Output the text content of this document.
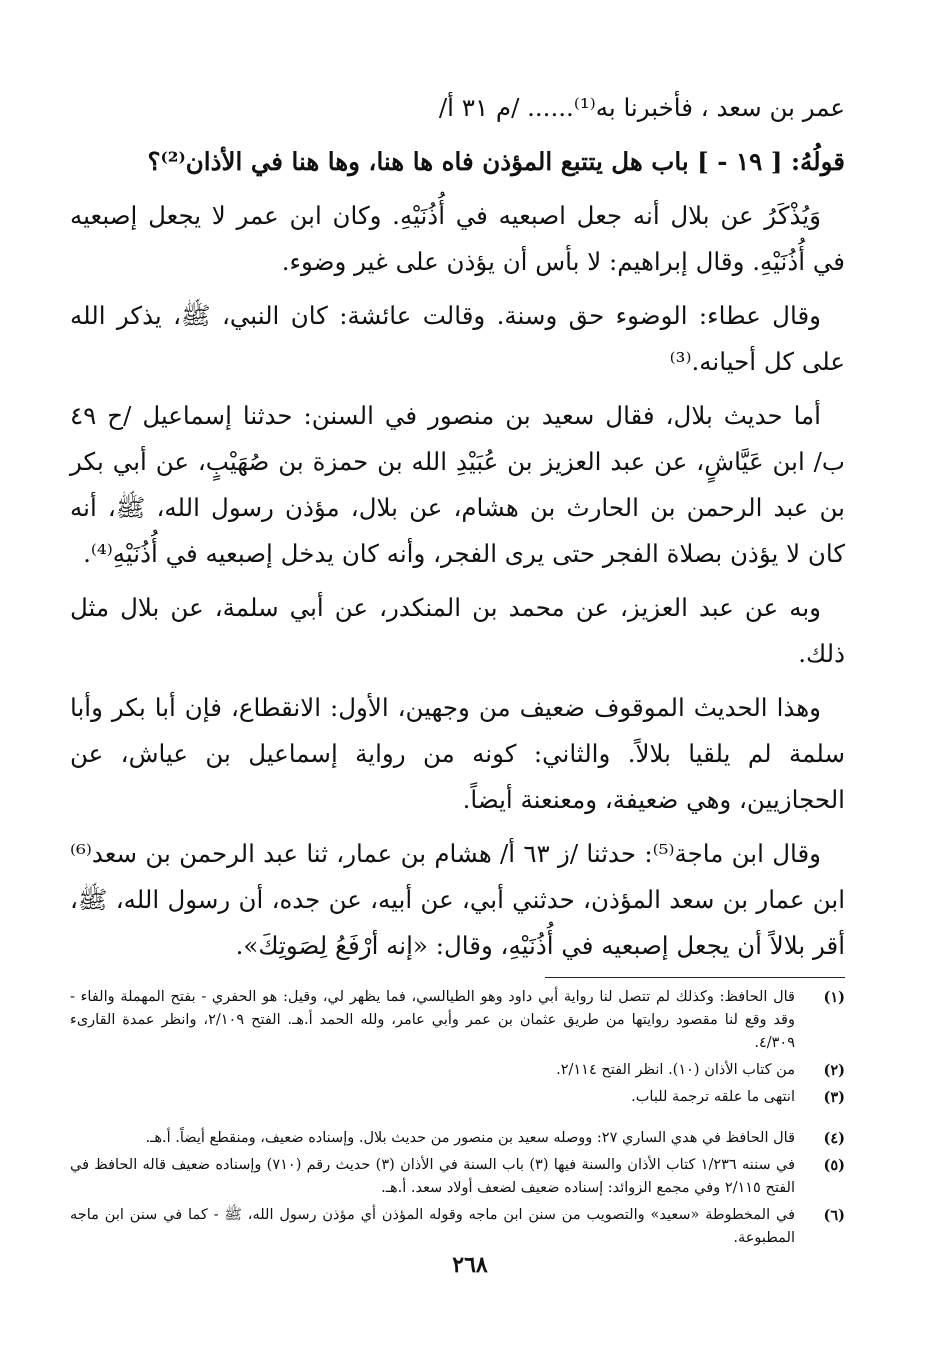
عمر بن سعد ، فأخبرنا به⁽¹⁾...... /م ٣١ أ/

قولُهُ: [ ١٩ - ] باب هل يتتبع المؤذن فاه ها هنا، وها هنا في الأذان⁽²⁾؟

وَيُذْكَرُ عن بلال أنه جعل اصبعيه في أُذُنَيْهِ. وكان ابن عمر لا يجعل إصبعيه في أُذُنَيْهِ. وقال إبراهيم: لا بأس أن يؤذن على غير وضوء.

وقال عطاء: الوضوء حق وسنة. وقالت عائشة: كان النبي، ﷺ، يذكر الله على كل أحيانه.⁽³⁾

أما حديث بلال، فقال سعيد بن منصور في السنن: حدثنا إسماعيل /ح ٤٩ ب/ ابن عَيَّاشٍ، عن عبد العزيز بن عُبَيْدِ الله بن حمزة بن صُهَيْبٍ، عن أبي بكر بن عبد الرحمن بن الحارث بن هشام، عن بلال، مؤذن رسول الله، ﷺ، أنه كان لا يؤذن بصلاة الفجر حتى يرى الفجر، وأنه كان يدخل إصبعيه في أُذُنَيْهِ⁽⁴⁾.

وبه عن عبد العزيز، عن محمد بن المنكدر، عن أبي سلمة، عن بلال مثل ذلك.

وهذا الحديث الموقوف ضعيف من وجهين، الأول: الانقطاع، فإن أبا بكر وأبا سلمة لم يلقيا بلالاً. والثاني: كونه من رواية إسماعيل بن عياش، عن الحجازيين، وهي ضعيفة، ومعنعنة أيضاً.

وقال ابن ماجة⁽⁵⁾: حدثنا /ز ٦٣ أ/ هشام بن عمار، ثنا عبد الرحمن بن سعد⁽⁶⁾ ابن عمار بن سعد المؤذن، حدثني أبي، عن أبيه، عن جده، أن رسول الله، ﷺ، أقر بلالاً أن يجعل إصبعيه في أُذُنَيْهِ، وقال: «إنه أرْفَعُ لِصَوتِكَ».

(١)
قال الحافظ: وكذلك لم تتصل لنا رواية أبي داود وهو الطيالسي، فما يظهر لي، وقيل: هو الحفري - بفتح المهملة والفاء - وقد وقع لنا مقصود روايتها من طريق عثمان بن عمر وأبي عامر، ولله الحمد أ.هـ. الفتح ٢/١٠٩، وانظر عمدة القارىء ٤/٣٠٩.
(٢)
من كتاب الأذان (١٠). انظر الفتح ٢/١١٤.
(٣)
انتهى ما علقه ترجمة للباب.
(٤)
قال الحافظ في هدي الساري ٢٧: ووصله سعيد بن منصور من حديث بلال. وإسناده ضعيف، ومنقطع أيضاً. أ.هـ.
(٥)
في سننه ١/٢٣٦ كتاب الأذان والسنة فيها (٣) باب السنة في الأذان (٣) حديث رقم (٧١٠) وإسناده ضعيف قاله الحافظ في الفتح ٢/١١٥ وفي مجمع الزوائد: إسناده ضعيف لضعف أولاد سعد. أ.هـ.
(٦)
في المخطوطة «سعيد» والتصويب من سنن ابن ماجه وقوله المؤذن أي مؤذن رسول الله، ﷺ - كما في سنن ابن ماجه المطبوعة.
٢٦٨
